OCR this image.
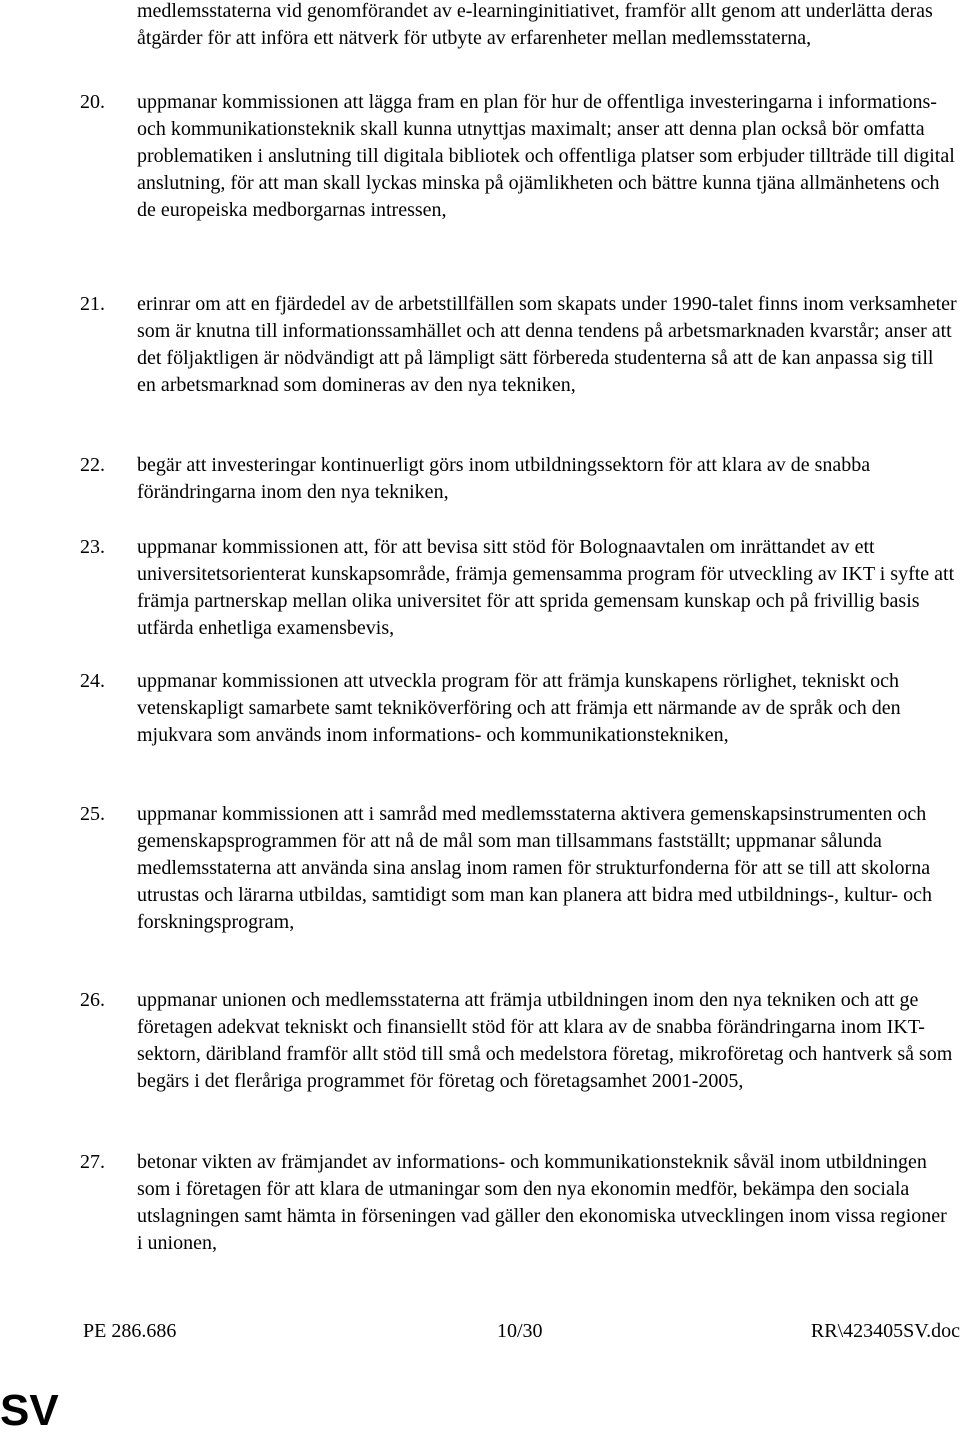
medlemsstaterna vid genomförandet av e-learninginitiativet, framför allt genom att underlätta deras åtgärder för att införa ett nätverk för utbyte av erfarenheter mellan medlemsstaterna,
20. uppmanar kommissionen att lägga fram en plan för hur de offentliga investeringarna i informations- och kommunikationsteknik skall kunna utnyttjas maximalt; anser att denna plan också bör omfatta problematiken i anslutning till digitala bibliotek och offentliga platser som erbjuder tillträde till digital anslutning, för att man skall lyckas minska på ojämlikheten och bättre kunna tjäna allmänhetens och de europeiska medborgarnas intressen,
21. erinrar om att en fjärdedel av de arbetstillfällen som skapats under 1990-talet finns inom verksamheter som är knutna till informationssamhället och att denna tendens på arbetsmarknaden kvarstår; anser att det följaktligen är nödvändigt att på lämpligt sätt förbereda studenterna så att de kan anpassa sig till en arbetsmarknad som domineras av den nya tekniken,
22. begär att investeringar kontinuerligt görs inom utbildningssektorn för att klara av de snabba förändringarna inom den nya tekniken,
23. uppmanar kommissionen att, för att bevisa sitt stöd för Bolognaavtalen om inrättandet av ett universitetsorienterat kunskapsområde, främja gemensamma program för utveckling av IKT i syfte att främja partnerskap mellan olika universitet för att sprida gemensam kunskap och på frivillig basis utfärda enhetliga examensbevis,
24. uppmanar kommissionen att utveckla program för att främja kunskapens rörlighet, tekniskt och vetenskapligt samarbete samt tekniköverföring och att främja ett närmande av de språk och den mjukvara som används inom informations- och kommunikationstekniken,
25. uppmanar kommissionen att i samråd med medlemsstaterna aktivera gemenskapsinstrumenten och gemenskapsprogrammen för att nå de mål som man tillsammans fastställt; uppmanar sålunda medlemsstaterna att använda sina anslag inom ramen för strukturfonderna för att se till att skolorna utrustas och lärarna utbildas, samtidigt som man kan planera att bidra med utbildnings-, kultur- och forskningsprogram,
26. uppmanar unionen och medlemsstaterna att främja utbildningen inom den nya tekniken och att ge företagen adekvat tekniskt och finansiellt stöd för att klara av de snabba förändringarna inom IKT-sektorn, däribland framför allt stöd till små och medelstora företag, mikroföretag och hantverk så som begärs i det fleråriga programmet för företag och företagsamhet 2001-2005,
27. betonar vikten av främjandet av informations- och kommunikationsteknik såväl inom utbildningen som i företagen för att klara de utmaningar som den nya ekonomin medför, bekämpa den sociala utslagningen samt hämta in förseningen vad gäller den ekonomiska utvecklingen inom vissa regioner i unionen,
PE 286.686	10/30	RR\423405SV.doc
SV
